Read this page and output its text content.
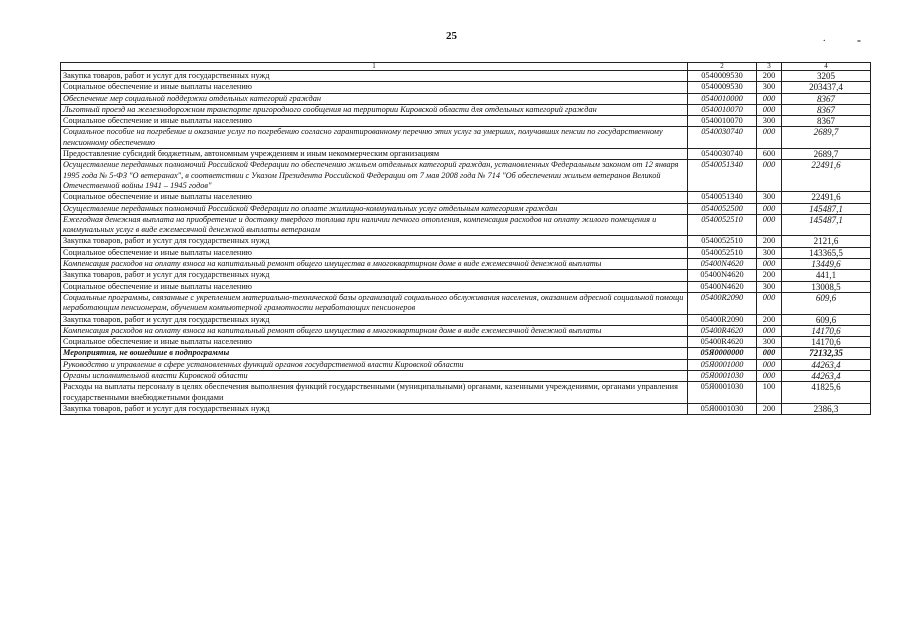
25	.	-
1	2	3	4
Закупка товаров, работ и услуг для государственных нужд	0540009530	200	3205
Социальное обеспечение и иные выплаты населению	0540009530	300	203437,4
Обеспечение мер социальной поддержки отдельных категорий граждан	0540010000	000	8367
Льготный проезд на железнодорожном транспорте пригородного сообщения на территории Кировской области для отдельных категорий граждан	0540010070	000	8367
Социальное обеспечение и иные выплаты населению	0540010070	300	8367
Социальное пособие на погребение и оказание услуг по погребению согласно гарантированному перечню этих услуг за умерших, получавших пенсии по государственному пенсионному обеспечению	0540030740	000	2689,7
Предоставление субсидий бюджетным, автономным учреждениям и иным некоммерческим организациям	0540030740	600	2689,7
Осуществление переданных полномочий Российской Федерации по обеспечению жильем отдельных категорий граждан, установленных Федеральным законом от 12 января 1995 года № 5-ФЗ "О ветеранах", в соответствии с Указом Президента Российской Федерации от 7 мая 2008 года № 714 "Об обеспечении жильем ветеранов Великой Отечественной войны 1941 – 1945 годов"	0540051340	000	22491,6
Социальное обеспечение и иные выплаты населению	0540051340	300	22491,6
Осуществление переданных полномочий Российской Федерации по оплате жилищно-коммунальных услуг отдельным категориям граждан	0540052500	000	145487,1
Ежегодная денежная выплата на приобретение и доставку твердого топлива при наличии печного отопления, компенсация расходов на оплату жилого помещения и коммунальных услуг в виде ежемесячной денежной выплаты ветеранам	0540052510	000	145487,1
Закупка товаров, работ и услуг для государственных нужд	0540052510	200	2121,6
Социальное обеспечение и иные выплаты населению	0540052510	300	143365,5
Компенсация расходов на оплату взноса на капитальный ремонт общего имущества в многоквартирном доме в виде ежемесячной денежной выплаты	05400N4620	000	13449,6
Закупка товаров, работ и услуг для государственных нужд	05400N4620	200	441,1
Социальное обеспечение и иные выплаты населению	05400N4620	300	13008,5
Социальные программы, связанные с укреплением материально-технической базы организаций социального обслуживания населения, оказанием адресной социальной помощи неработающим пенсионерам, обучением компьютерной грамотности неработающих пенсионеров	05400R2090	000	609,6
Закупка товаров, работ и услуг для государственных нужд	05400R2090	200	609,6
Компенсация расходов на оплату взноса на капитальный ремонт общего имущества в многоквартирном доме в виде ежемесячной денежной выплаты	05400R4620	000	14170,6
Социальное обеспечение и иные выплаты населению	05400R4620	300	14170,6
Мероприятия, не вошедшие в подпрограммы	05Я0000000	000	72132,35
Руководство и управление в сфере установленных функций органов государственной власти Кировской области	05Я0001000	000	44263,4
Органы исполнительной власти Кировской области	05Я0001030	000	44263,4
Расходы на выплаты персоналу в целях обеспечения выполнения функций государственными (муниципальными) органами, казенными учреждениями, органами управления государственными внебюджетными фондами	05Я0001030	100	41825,6
Закупка товаров, работ и услуг для государственных нужд	05Я0001030	200	2386,3
